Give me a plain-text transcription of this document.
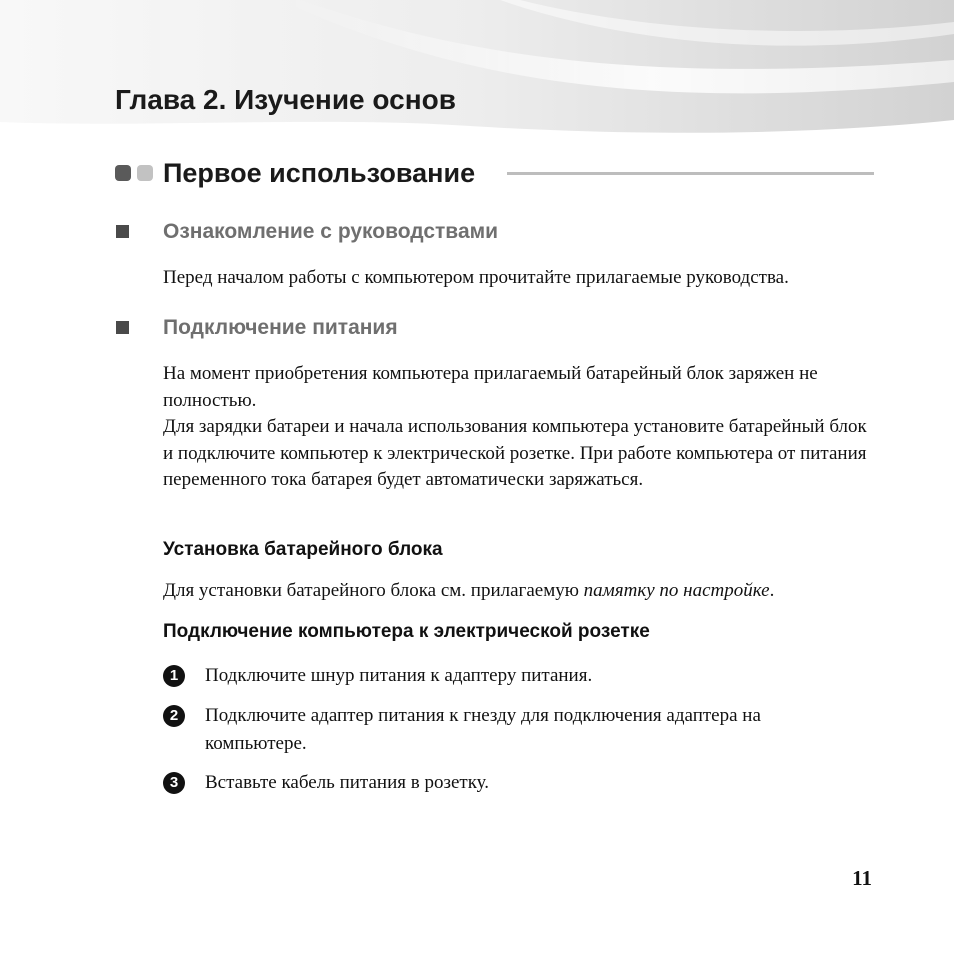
Глава 2. Изучение основ
Первое использование
Ознакомление с руководствами

Перед началом работы с компьютером прочитайте прилагаемые руководства.

Подключение питания

На момент приобретения компьютера прилагаемый батарейный блок заряжен не полностью.

Для зарядки батареи и начала использования компьютера установите батарейный блок и подключите компьютер к электрической розетке. При работе компьютера от питания переменного тока батарея будет автоматически заряжаться.

Установка батарейного блока

Для установки батарейного блока см. прилагаемую памятку по настройке.

Подключение компьютера к электрической розетке
1	Подключите шнур питания к адаптеру питания.

2	Подключите адаптер питания к гнезду для подключения адаптера на компьютере.

3	Вставьте кабель питания в розетку.

11
